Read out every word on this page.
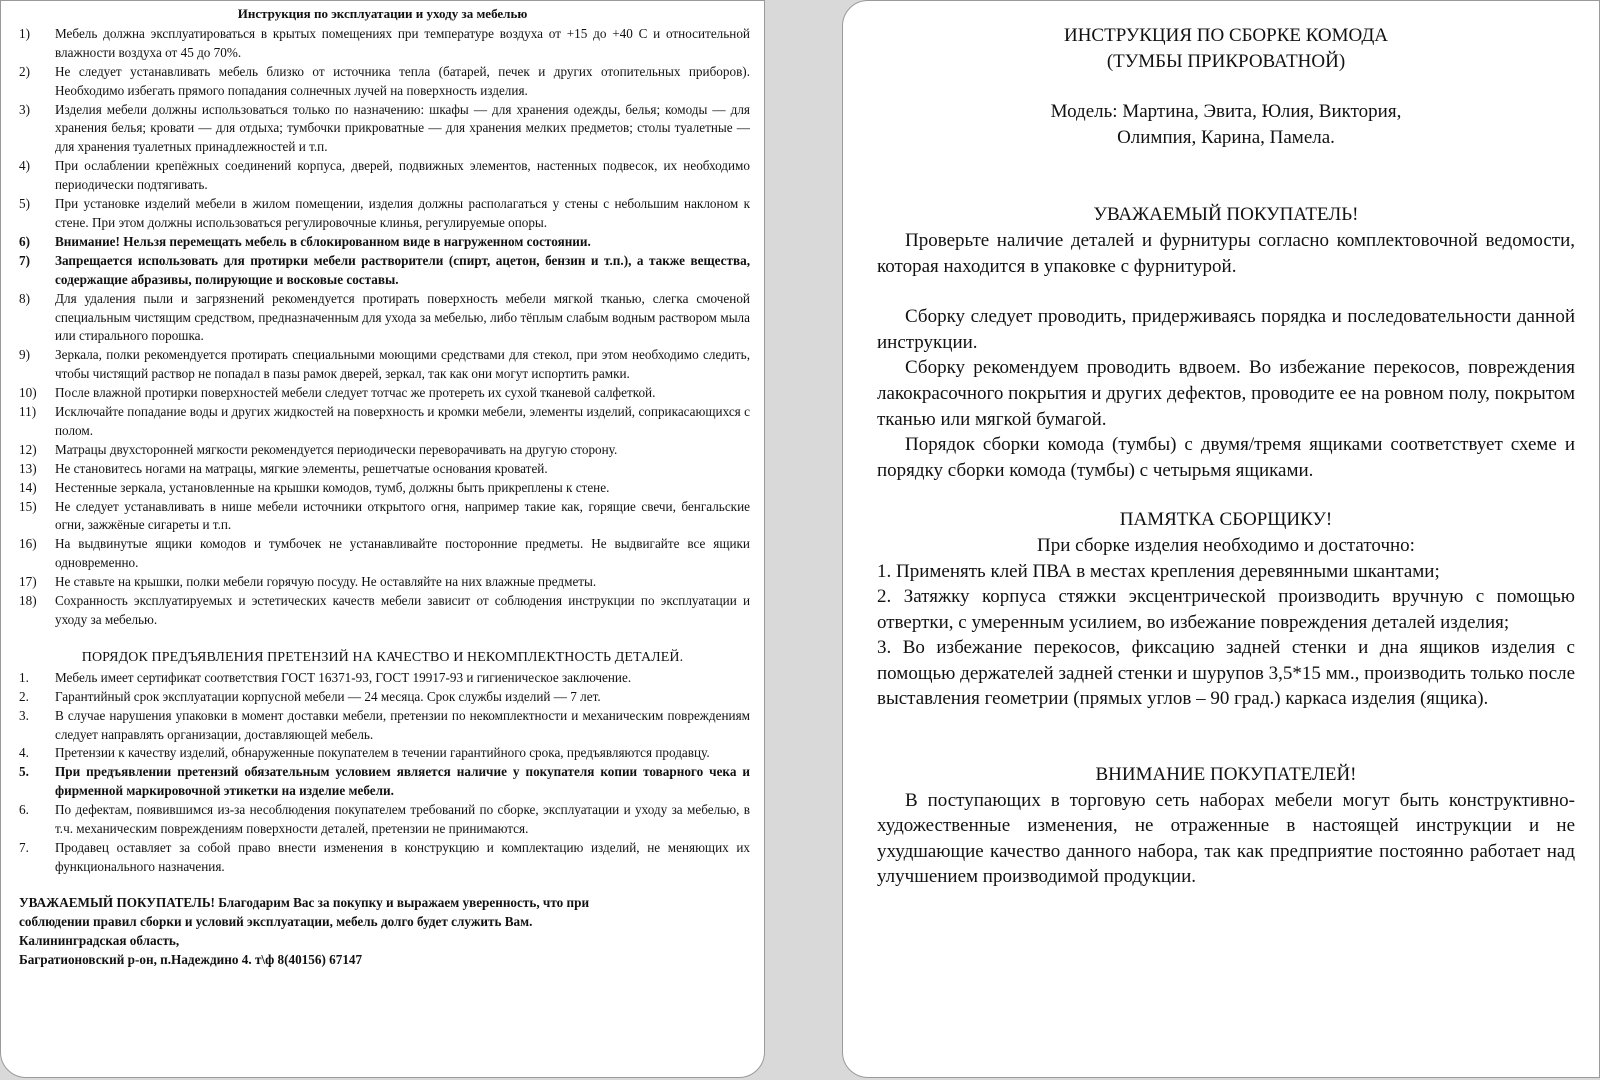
Инструкция по эксплуатации и уходу за мебелью
1) Мебель должна эксплуатироваться в крытых помещениях при температуре воздуха от +15 до +40 С и относительной влажности воздуха от 45 до 70%.
2) Не следует устанавливать мебель близко от источника тепла (батарей, печек и других отопительных приборов). Необходимо избегать прямого попадания солнечных лучей на поверхность изделия.
3) Изделия мебели должны использоваться только по назначению: шкафы — для хранения одежды, белья; комоды — для хранения белья; кровати — для отдыха; тумбочки прикроватные — для хранения мелких предметов; столы туалетные — для хранения туалетных принадлежностей и т.п.
4) При ослаблении крепёжных соединений корпуса, дверей, подвижных элементов, настенных подвесок, их необходимо периодически подтягивать.
5) При установке изделий мебели в жилом помещении, изделия должны располагаться у стены с небольшим наклоном к стене. При этом должны использоваться регулировочные клинья, регулируемые опоры.
6) Внимание! Нельзя перемещать мебель в сблокированном виде в нагруженном состоянии.
7) Запрещается использовать для протирки мебели растворители (спирт, ацетон, бензин и т.п.), а также вещества, содержащие абразивы, полирующие и восковые составы.
8) Для удаления пыли и загрязнений рекомендуется протирать поверхность мебели мягкой тканью, слегка смоченой специальным чистящим средством, предназначенным для ухода за мебелью, либо тёплым слабым водным раствором мыла или стирального порошка.
9) Зеркала, полки рекомендуется протирать специальными моющими средствами для стекол, при этом необходимо следить, чтобы чистящий раствор не попадал в пазы рамок дверей, зеркал, так как они могут испортить рамки.
10) После влажной протирки поверхностей мебели следует тотчас же протереть их сухой тканевой салфеткой.
11) Исключайте попадание воды и других жидкостей на поверхность и кромки мебели, элементы изделий, соприкасающихся с полом.
12) Матрацы двухсторонней мягкости рекомендуется периодически переворачивать на другую сторону.
13) Не становитесь ногами на матрацы, мягкие элементы, решетчатые основания кроватей.
14) Нестенные зеркала, установленные на крышки комодов, тумб, должны быть прикреплены к стене.
15) Не следует устанавливать в нише мебели источники открытого огня, например такие как, горящие свечи, бенгальские огни, зажжёные сигареты и т.п.
16) На выдвинутые ящики комодов и тумбочек не устанавливайте посторонние предметы. Не выдвигайте все ящики одновременно.
17) Не ставьте на крышки, полки мебели горячую посуду. Не оставляйте на них влажные предметы.
18) Сохранность эксплуатируемых и эстетических качеств мебели зависит от соблюдения инструкции по эксплуатации и уходу за мебелью.
ПОРЯДОК ПРЕДЪЯВЛЕНИЯ ПРЕТЕНЗИЙ НА КАЧЕСТВО И НЕКОМПЛЕКТНОСТЬ ДЕТАЛЕЙ.
1. Мебель имеет сертификат соответствия ГОСТ 16371-93, ГОСТ 19917-93 и гигиеническое заключение.
2. Гарантийный срок эксплуатации корпусной мебели — 24 месяца. Срок службы изделий — 7 лет.
3. В случае нарушения упаковки в момент доставки мебели, претензии по некомплектности и механическим повреждениям следует направлять организации, доставляющей мебель.
4. Претензии к качеству изделий, обнаруженные покупателем в течении гарантийного срока, предъявляются продавцу.
5. При предъявлении претензий обязательным условием является наличие у покупателя копии товарного чека и фирменной маркировочной этикетки на изделие мебели.
6. По дефектам, появившимся из-за несоблюдения покупателем требований по сборке, эксплуатации и уходу за мебелью, в т.ч. механическим повреждениям поверхности деталей, претензии не принимаются.
7. Продавец оставляет за собой право внести изменения в конструкцию и комплектацию изделий, не меняющих их функционального назначения.
УВАЖАЕМЫЙ ПОКУПАТЕЛЬ! Благодарим Вас за покупку и выражаем уверенность, что при
соблюдении правил сборки и условий эксплуатации, мебель долго будет служить Вам.
Калининградская область,
Багратионовский р-он, п.Надеждино 4. т\ф 8(40156) 67147
ИНСТРУКЦИЯ ПО СБОРКЕ КОМОДА
(ТУМБЫ ПРИКРОВАТНОЙ)
Модель: Мартина, Эвита, Юлия, Виктория,
Олимпия, Карина, Памела.
УВАЖАЕМЫЙ ПОКУПАТЕЛЬ!
Проверьте наличие деталей и фурнитуры согласно комплектовочной ведомости, которая находится в упаковке с фурнитурой.
Сборку следует проводить, придерживаясь порядка и последовательности данной инструкции.
Сборку рекомендуем проводить вдвоем. Во избежание перекосов, повреждения лакокрасочного покрытия и других дефектов, проводите ее на ровном полу, покрытом тканью или мягкой бумагой.
Порядок сборки комода (тумбы) с двумя/тремя ящиками соответствует схеме и порядку сборки комода (тумбы) с четырьмя ящиками.
ПАМЯТКА СБОРЩИКУ!
При сборке изделия необходимо и достаточно:
1. Применять клей ПВА в местах крепления деревянными шкантами;
2. Затяжку корпуса стяжки эксцентрической производить вручную с помощью отвертки, с умеренным усилием, во избежание повреждения деталей изделия;
3. Во избежание перекосов, фиксацию задней стенки и дна ящиков изделия с помощью держателей задней стенки и шурупов 3,5*15 мм., производить только после выставления геометрии (прямых углов – 90 град.) каркаса изделия (ящика).
ВНИМАНИЕ ПОКУПАТЕЛЕЙ!
В поступающих в торговую сеть наборах мебели могут быть конструктивно-художественные изменения, не отраженные в настоящей инструкции и не ухудшающие качество данного набора, так как предприятие постоянно работает над улучшением производимой продукции.
